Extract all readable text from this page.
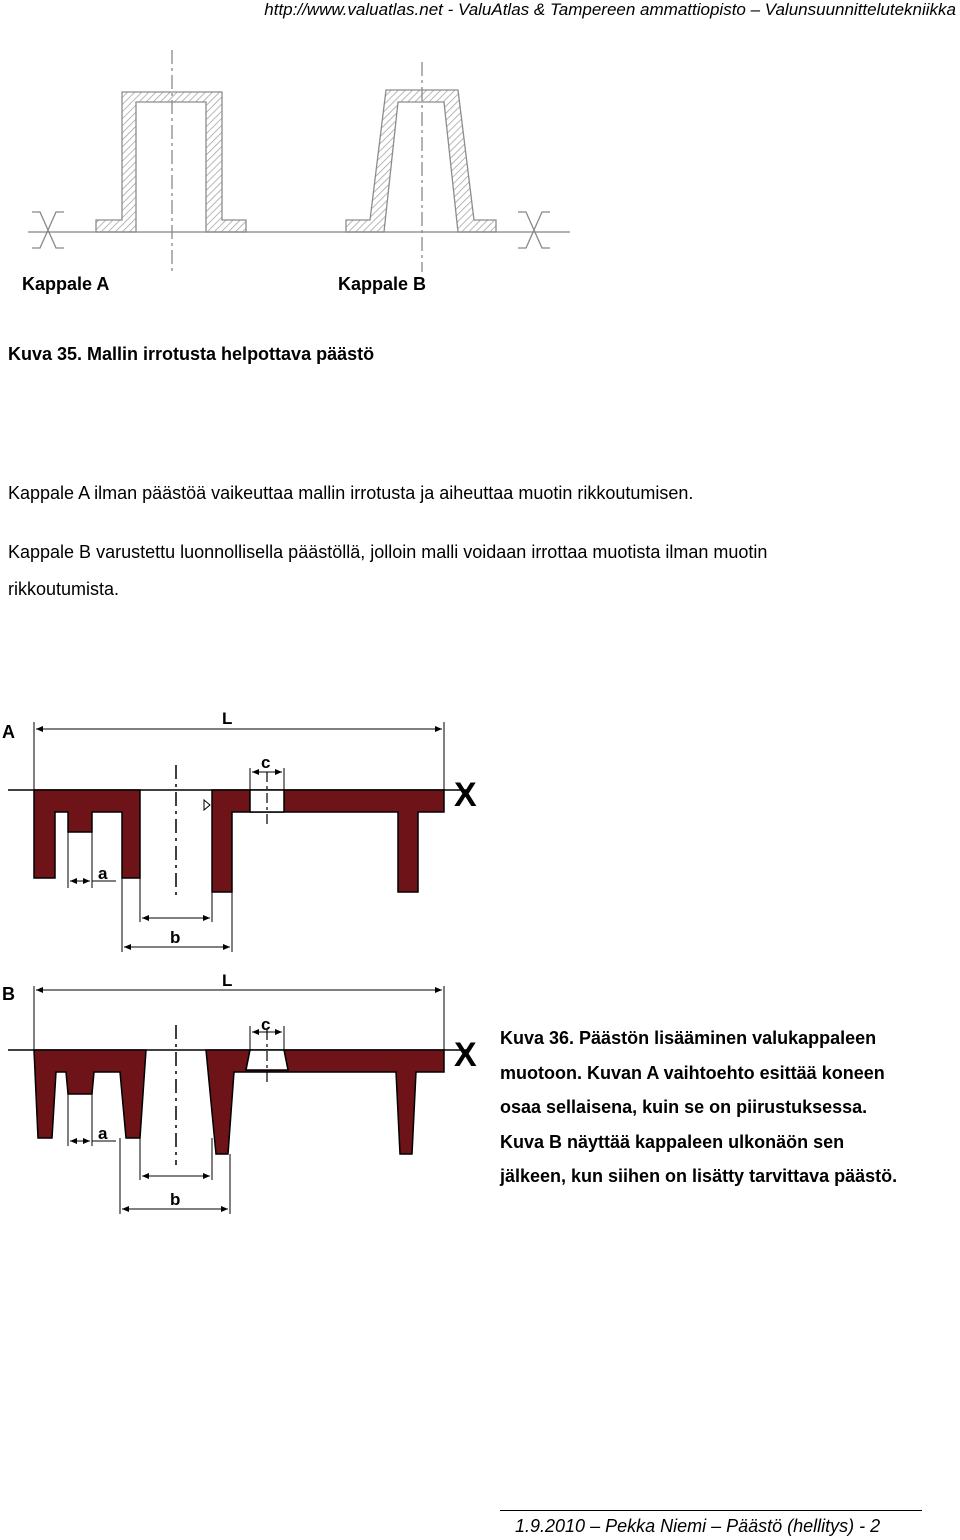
http://www.valuatlas.net - ValuAtlas & Tampereen ammattiopisto – Valunsuunnittelutekniikka
Kappale A	Kappale B
Kuva 35. Mallin irrotusta helpottava päästö
Kappale A ilman päästöä vaikeuttaa mallin irrotusta ja aiheuttaa muotin rikkoutumisen.
Kappale B varustettu luonnollisella päästöllä, jolloin malli voidaan irrottaa muotista ilman muotin
rikkoutumista.
A
L
X
c
a
b
B
L
X
c
a
b
Kuva 36. Päästön lisääminen valukappaleen
muotoon. Kuvan A vaihtoehto esittää koneen
osaa sellaisena, kuin se on piirustuksessa.
Kuva B näyttää kappaleen ulkonäön sen
jälkeen, kun siihen on lisätty tarvittava päästö.
1.9.2010 – Pekka Niemi – Päästö (hellitys) - 2
